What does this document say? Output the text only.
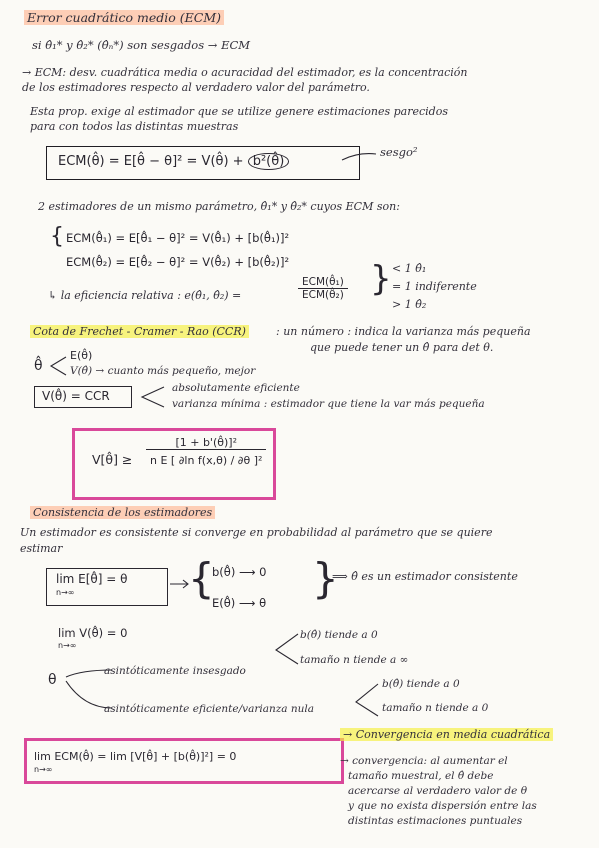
Error cuadrático medio (ECM)
si θ̂₁* y θ̂₂* (θ̂ₙ*) son sesgados → ECM
→ ECM: desv. cuadrática media o acuracidad del estimador, es la concentración
de los estimadores respecto al verdadero valor del parámetro.
Esta prop. exige al estimador que se utilize genere estimaciones parecidos
para con todos las distintas muestras
ECM(θ̂) = E[θ̂ − θ]² = V(θ̂) + b²(θ̂)
sesgo²
2 estimadores de un mismo parámetro, θ̂₁* y θ̂₂* cuyos ECM son:
{ ECM(θ̂₁) = E[θ̂₁ − θ]² = V(θ̂₁) + [b(θ̂₁)]²
ECM(θ̂₂) = E[θ̂₂ − θ]² = V(θ̂₂) + [b(θ̂₂)]²
↳ la eficiencia relativa : e(θ̂₁, θ̂₂) =	$\frac{\text{ECM(θ̂₁)}}{\text{ECM(θ̂₂)}}$ } < 1 θ̂₁
= 1 indiferente
> 1 θ̂₂
Cota de Frechet - Cramer - Rao (CCR)	: un número : indica la varianza más pequeña
que puede tener un θ̂ para det θ.
θ̂
E(θ̂)
V(θ̂) → cuanto más pequeño, mejor
V(θ̂) = CCR
absolutamente eficiente
varianza mínima : estimador que tiene la var más pequeña
V[θ̂] ≥ $\frac{\text{[1 + b'(θ̂)]²}}{\text{n E [ ∂ln f(x,θ) / ∂θ ]²}}$
Consistencia de los estimadores
Un estimador es consistente si converge en probabilidad al parámetro que se quiere
estimar
lim E[θ̂] = θ
n→∞	{
b(θ̂) ⟶ 0
E(θ̂) ⟶ θ }
⟹ θ̂ es un estimador consistente
lim V(θ̂) = 0
n→∞
θ
asintóticamente insesgado
asintóticamente eficiente/varianza nula
b(θ̂) tiende a 0
tamaño n tiende a ∞
b(θ̂) tiende a 0
tamaño n tiende a 0
lim ECM(θ̂) = lim [V[θ̂] + [b(θ̂)]²] = 0
n→∞
→ Convergencia en media cuadrática
→ convergencia: al aumentar el
tamaño muestral, el θ̂ debe
acercarse al verdadero valor de θ
y que no exista dispersión entre las
distintas estimaciones puntuales
